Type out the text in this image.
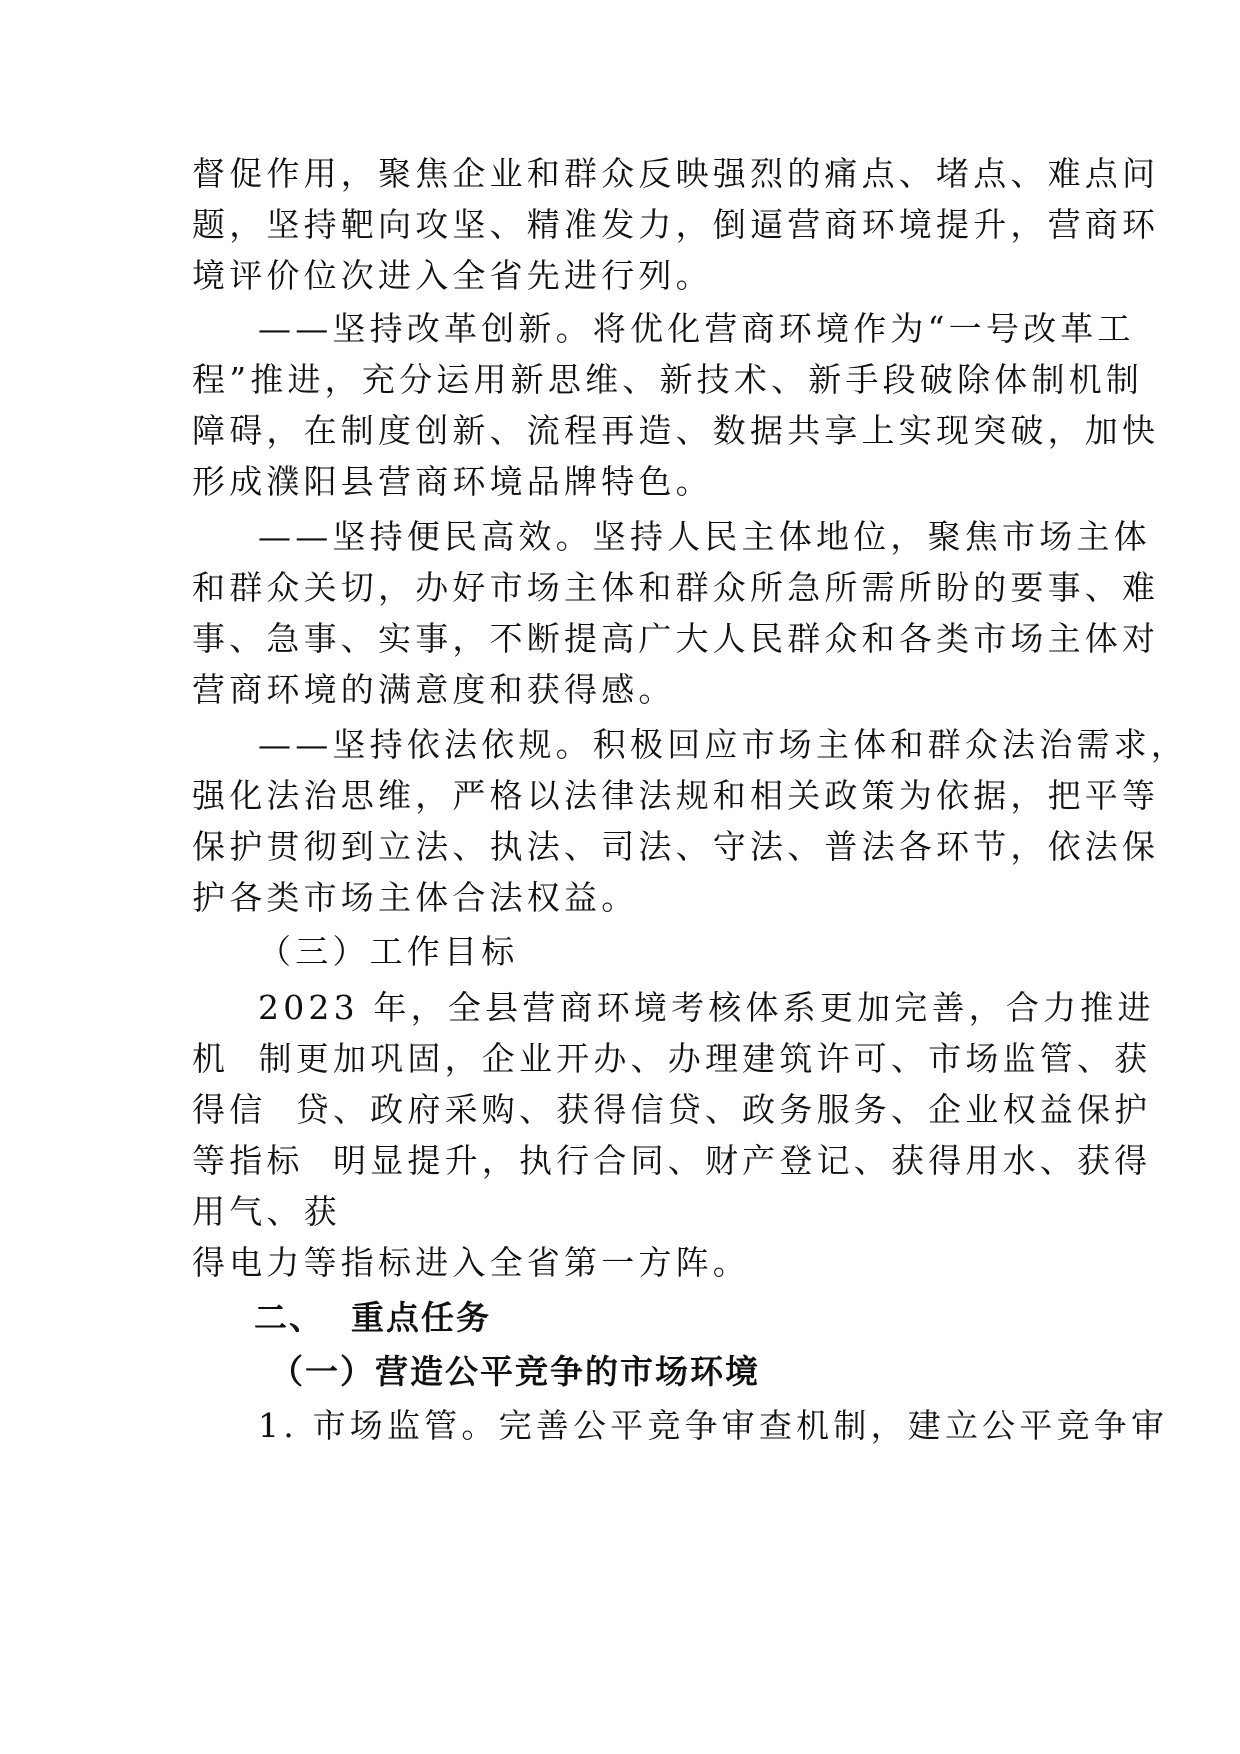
督促作用，聚焦企业和群众反映强烈的痛点、堵点、难点问
题，坚持靶向攻坚、精准发力，倒逼营商环境提升，营商环
境评价位次进入全省先进行列。
——坚持改革创新。将优化营商环境作为“一号改革工
程”推进，充分运用新思维、新技术、新手段破除体制机制
障碍，在制度创新、流程再造、数据共享上实现突破，加快
形成濮阳县营商环境品牌特色。
——坚持便民高效。坚持人民主体地位，聚焦市场主体
和群众关切，办好市场主体和群众所急所需所盼的要事、难
事、急事、实事，不断提高广大人民群众和各类市场主体对
营商环境的满意度和获得感。
——坚持依法依规。积极回应市场主体和群众法治需求，
强化法治思维，严格以法律法规和相关政策为依据，把平等
保护贯彻到立法、执法、司法、守法、普法各环节，依法保
护各类市场主体合法权益。
（三）工作目标
2023 年，全县营商环境考核体系更加完善，合力推进
机  制更加巩固，企业开办、办理建筑许可、市场监管、获
得信  贷、政府采购、获得信贷、政务服务、企业权益保护
等指标  明显提升，执行合同、财产登记、获得用水、获得
用气、获
得电力等指标进入全省第一方阵。
二、  重点任务
（一）营造公平竞争的市场环境
1. 市场监管。完善公平竞争审查机制，建立公平竞争审
